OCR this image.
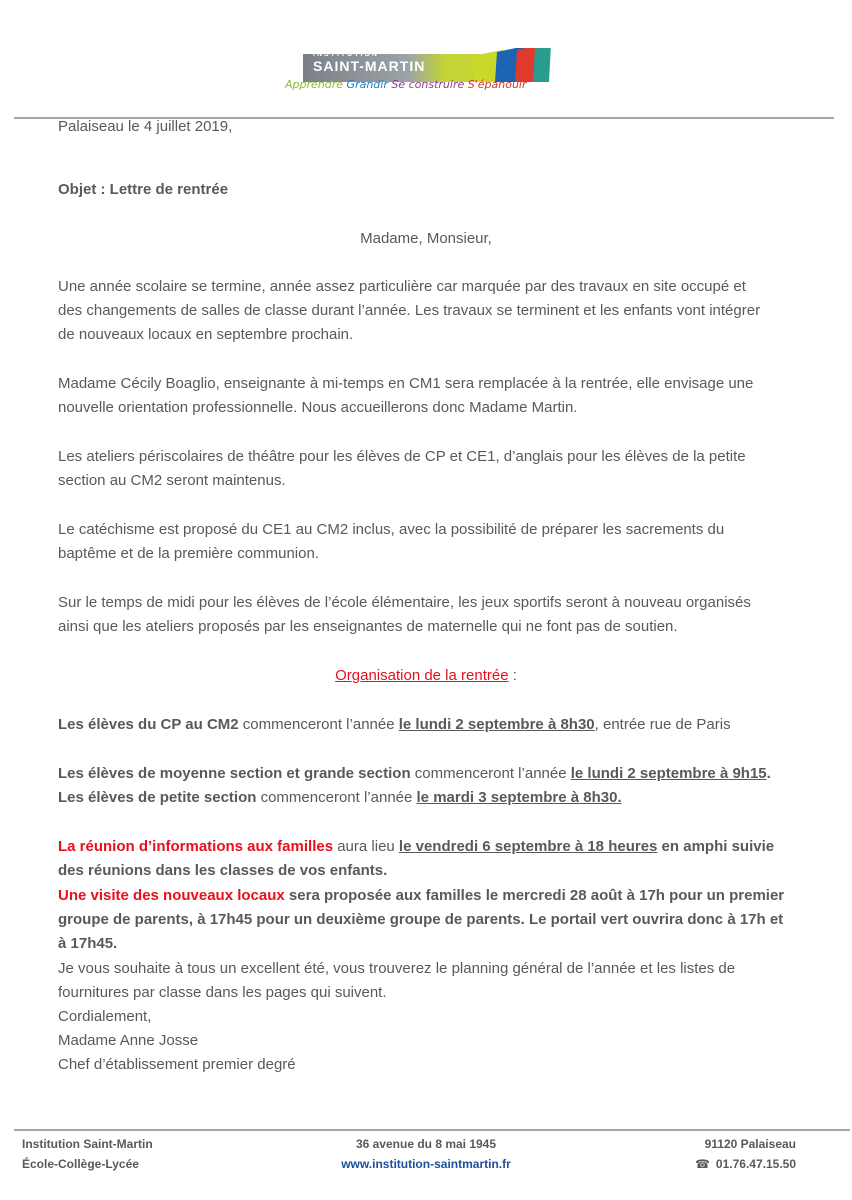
INSTITUTION
SAINT-MARTIN
Apprendre Grandir Se construire S'épanouir
Palaiseau le 4 juillet 2019,
Objet : Lettre de rentrée
Madame, Monsieur,
Une année scolaire se termine, année assez particulière car marquée par des travaux en site occupé et
des changements de salles de classe durant l’année. Les travaux se terminent et les enfants vont intégrer
de nouveaux locaux en septembre prochain.
Madame Cécily Boaglio, enseignante à mi-temps en CM1 sera remplacée à la rentrée, elle envisage une
nouvelle orientation professionnelle. Nous accueillerons donc Madame Martin.
Les ateliers périscolaires de théâtre pour les élèves de CP et CE1, d’anglais pour les élèves de la petite
section au CM2 seront maintenus.
Le catéchisme est proposé du CE1 au CM2 inclus, avec la possibilité de préparer les sacrements du
baptême et de la première communion.
Sur le temps de midi pour les élèves de l’école élémentaire, les jeux sportifs seront à nouveau organisés
ainsi que les ateliers proposés par les enseignantes de maternelle qui ne font pas de soutien.
Organisation de la rentrée :
Les élèves du CP au CM2 commenceront l’année le lundi 2 septembre à 8h30, entrée rue de Paris
Les élèves de moyenne section et grande section commenceront l’année le lundi 2 septembre à 9h15.
Les élèves de petite section commenceront l’année le mardi 3 septembre à 8h30.
La réunion d’informations aux familles aura lieu le vendredi 6 septembre à 18 heures en amphi suivie
des réunions dans les classes de vos enfants.
Une visite des nouveaux locaux sera proposée aux familles le mercredi 28 août à 17h pour un premier
groupe de parents, à 17h45 pour un deuxième groupe de parents. Le portail vert ouvrira donc à 17h et
à 17h45.
Je vous souhaite à tous un excellent été, vous trouverez le planning général de l’année et les listes de
fournitures par classe dans les pages qui suivent.
Cordialement,
Madame Anne Josse
Chef d’établissement premier degré
Institution Saint-Martin
École-Collège-Lycée
36 avenue du 8 mai 1945
www.institution-saintmartin.fr
91120 Palaiseau
☎ 01.76.47.15.50
